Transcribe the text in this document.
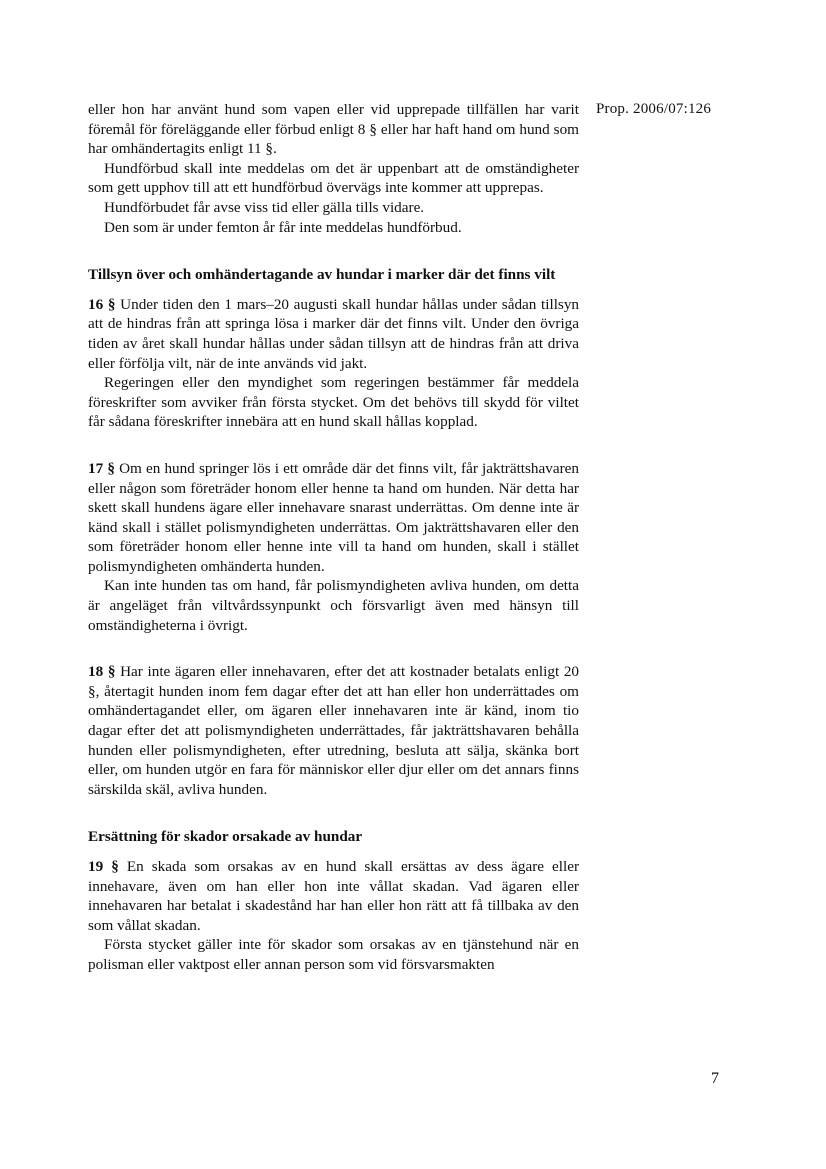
Prop. 2006/07:126

eller hon har använt hund som vapen eller vid upprepade tillfällen har varit föremål för föreläggande eller förbud enligt 8 § eller har haft hand om hund som har omhändertagits enligt 11 §.

Hundförbud skall inte meddelas om det är uppenbart att de omständigheter som gett upphov till att ett hundförbud övervägs inte kommer att upprepas.

Hundförbudet får avse viss tid eller gälla tills vidare.

Den som är under femton år får inte meddelas hundförbud.

Tillsyn över och omhändertagande av hundar i marker där det finns vilt

16 § Under tiden den 1 mars–20 augusti skall hundar hållas under sådan tillsyn att de hindras från att springa lösa i marker där det finns vilt. Under den övriga tiden av året skall hundar hållas under sådan tillsyn att de hindras från att driva eller förfölja vilt, när de inte används vid jakt.

Regeringen eller den myndighet som regeringen bestämmer får meddela föreskrifter som avviker från första stycket. Om det behövs till skydd för viltet får sådana föreskrifter innebära att en hund skall hållas kopplad.

17 § Om en hund springer lös i ett område där det finns vilt, får jakträttshavaren eller någon som företräder honom eller henne ta hand om hunden. När detta har skett skall hundens ägare eller innehavare snarast underrättas. Om denne inte är känd skall i stället polismyndigheten underrättas. Om jakträttshavaren eller den som företräder honom eller henne inte vill ta hand om hunden, skall i stället polismyndigheten omhänderta hunden.

Kan inte hunden tas om hand, får polismyndigheten avliva hunden, om detta är angeläget från viltvårdssynpunkt och försvarligt även med hänsyn till omständigheterna i övrigt.

18 § Har inte ägaren eller innehavaren, efter det att kostnader betalats enligt 20 §, återtagit hunden inom fem dagar efter det att han eller hon underrättades om omhändertagandet eller, om ägaren eller innehavaren inte är känd, inom tio dagar efter det att polismyndigheten underrättades, får jakträttshavaren behålla hunden eller polismyndigheten, efter utredning, besluta att sälja, skänka bort eller, om hunden utgör en fara för människor eller djur eller om det annars finns särskilda skäl, avliva hunden.

Ersättning för skador orsakade av hundar

19 § En skada som orsakas av en hund skall ersättas av dess ägare eller innehavare, även om han eller hon inte vållat skadan. Vad ägaren eller innehavaren har betalat i skadestånd har han eller hon rätt att få tillbaka av den som vållat skadan.

Första stycket gäller inte för skador som orsakas av en tjänstehund när en polisman eller vaktpost eller annan person som vid försvarsmakten

7
